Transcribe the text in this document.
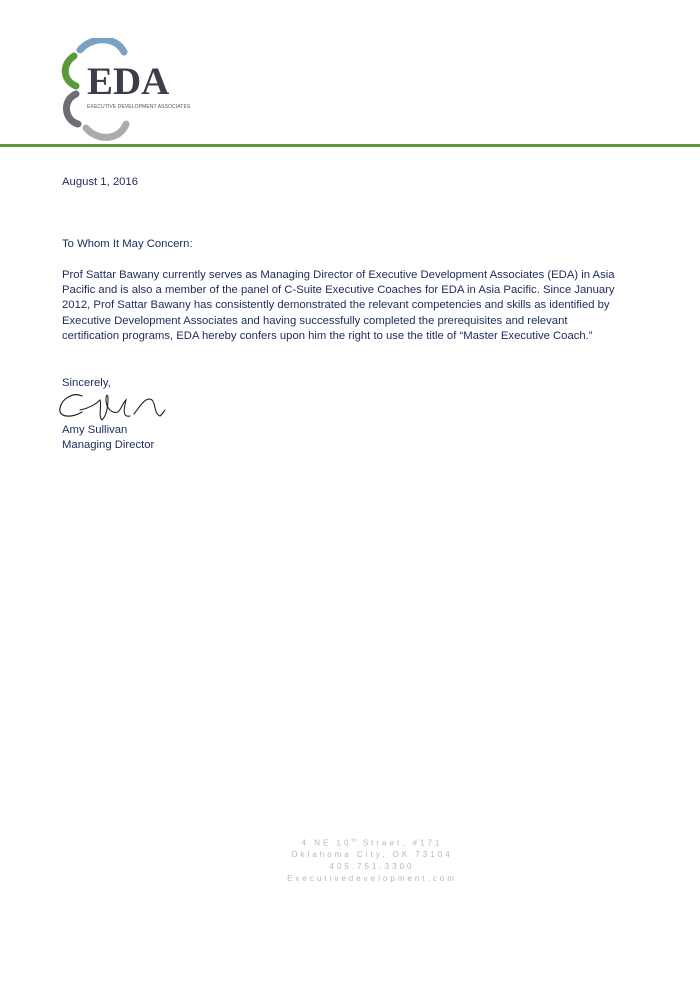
EDA
EXECUTIVE DEVELOPMENT ASSOCIATES
August 1, 2016
To Whom It May Concern:
Prof Sattar Bawany currently serves as Managing Director of Executive Development Associates (EDA) in Asia
Pacific and is also a member of the panel of C-Suite Executive Coaches for EDA in Asia Pacific. Since January
2012, Prof Sattar Bawany has consistently demonstrated the relevant competencies and skills as identified by
Executive Development Associates and having successfully completed the prerequisites and relevant
certification programs, EDA hereby confers upon him the right to use the title of “Master Executive Coach.”
Sincerely,
Amy Sullivan
Managing Director
4 NE 10th Street, #171
Oklahoma City, OK 73104
405.751.3300
Executivedevelopment.com
